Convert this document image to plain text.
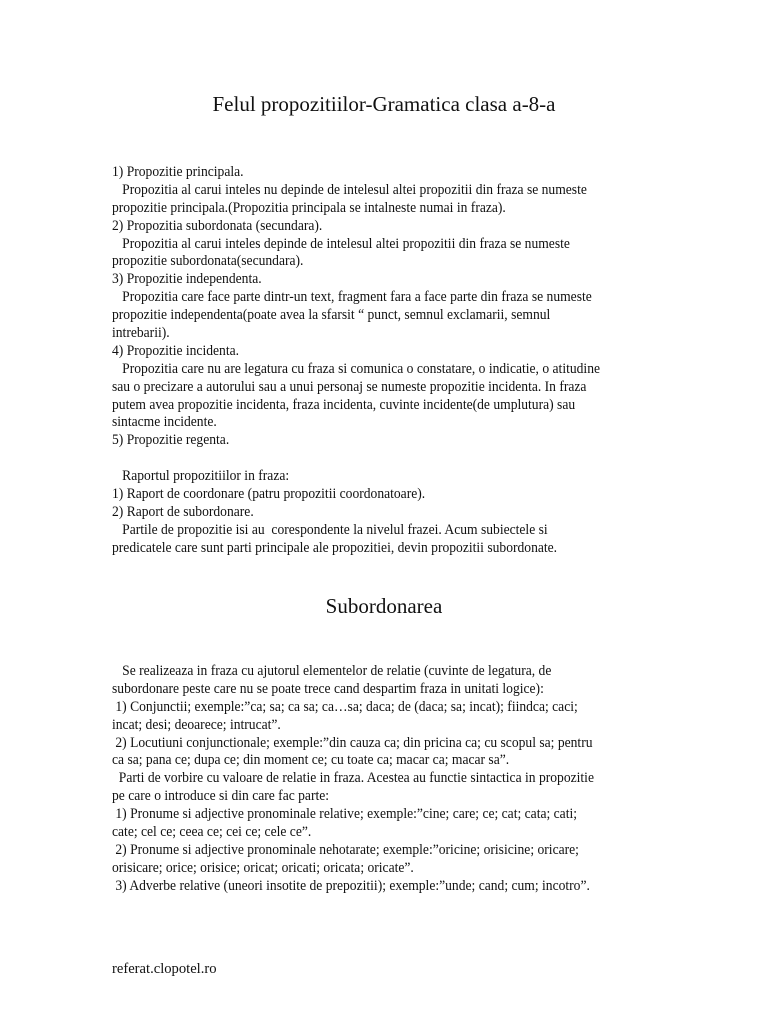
Felul propozitiilor-Gramatica clasa a-8-a
1) Propozitie principala.
Propozitia al carui inteles nu depinde de intelesul altei propozitii din fraza se numeste
propozitie principala.(Propozitia principala se intalneste numai in fraza).
2) Propozitia subordonata (secundara).
Propozitia al carui inteles depinde de intelesul altei propozitii din fraza se numeste
propozitie subordonata(secundara).
3) Propozitie independenta.
Propozitia care face parte dintr-un text, fragment fara a face parte din fraza se numeste
propozitie independenta(poate avea la sfarsit “ punct, semnul exclamarii, semnul
intrebarii).
4) Propozitie incidenta.
Propozitia care nu are legatura cu fraza si comunica o constatare, o indicatie, o atitudine
sau o precizare a autorului sau a unui personaj se numeste propozitie incidenta. In fraza
putem avea propozitie incidenta, fraza incidenta, cuvinte incidente(de umplutura) sau
sintacme incidente.
5) Propozitie regenta.
Raportul propozitiilor in fraza:
1) Raport de coordonare (patru propozitii coordonatoare).
2) Raport de subordonare.
Partile de propozitie isi au  corespondente la nivelul frazei. Acum subiectele si
predicatele care sunt parti principale ale propozitiei, devin propozitii subordonate.
Subordonarea
Se realizeaza in fraza cu ajutorul elementelor de relatie (cuvinte de legatura, de
subordonare peste care nu se poate trece cand despartim fraza in unitati logice):
1) Conjunctii; exemple:”ca; sa; ca sa; ca…sa; daca; de (daca; sa; incat); fiindca; caci;
incat; desi; deoarece; intrucat”.
2) Locutiuni conjunctionale; exemple:”din cauza ca; din pricina ca; cu scopul sa; pentru
ca sa; pana ce; dupa ce; din moment ce; cu toate ca; macar ca; macar sa”.
Parti de vorbire cu valoare de relatie in fraza. Acestea au functie sintactica in propozitie
pe care o introduce si din care fac parte:
1) Pronume si adjective pronominale relative; exemple:”cine; care; ce; cat; cata; cati;
cate; cel ce; ceea ce; cei ce; cele ce”.
2) Pronume si adjective pronominale nehotarate; exemple:”oricine; orisicine; oricare;
orisicare; orice; orisice; oricat; oricati; oricata; oricate”.
3) Adverbe relative (uneori insotite de prepozitii); exemple:”unde; cand; cum; incotro”.
referat.clopotel.ro
